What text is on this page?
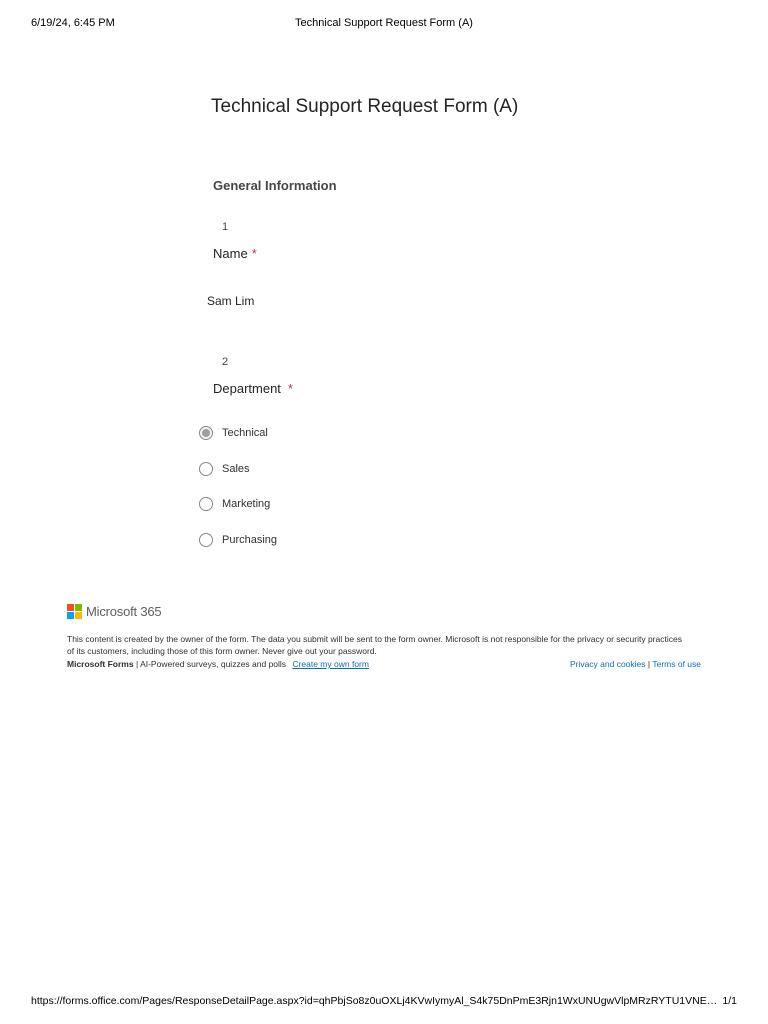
6/19/24, 6:45 PM	Technical Support Request Form (A)
Technical Support Request Form (A)
General Information
1
Name *
Sam Lim
2
Department *
Technical
Sales
Marketing
Purchasing
Microsoft 365
This content is created by the owner of the form. The data you submit will be sent to the form owner. Microsoft is not responsible for the privacy or security practices of its customers, including those of this form owner. Never give out your password.
Microsoft Forms | AI-Powered surveys, quizzes and polls Create my own form	Privacy and cookies | Terms of use
https://forms.office.com/Pages/ResponseDetailPage.aspx?id=qhPbjSo8z0uOXLj4KVwIymyAl_S4k75DnPmE3Rjn1WxUNUgwVlpMRzRYTU1VNE… 1/1
